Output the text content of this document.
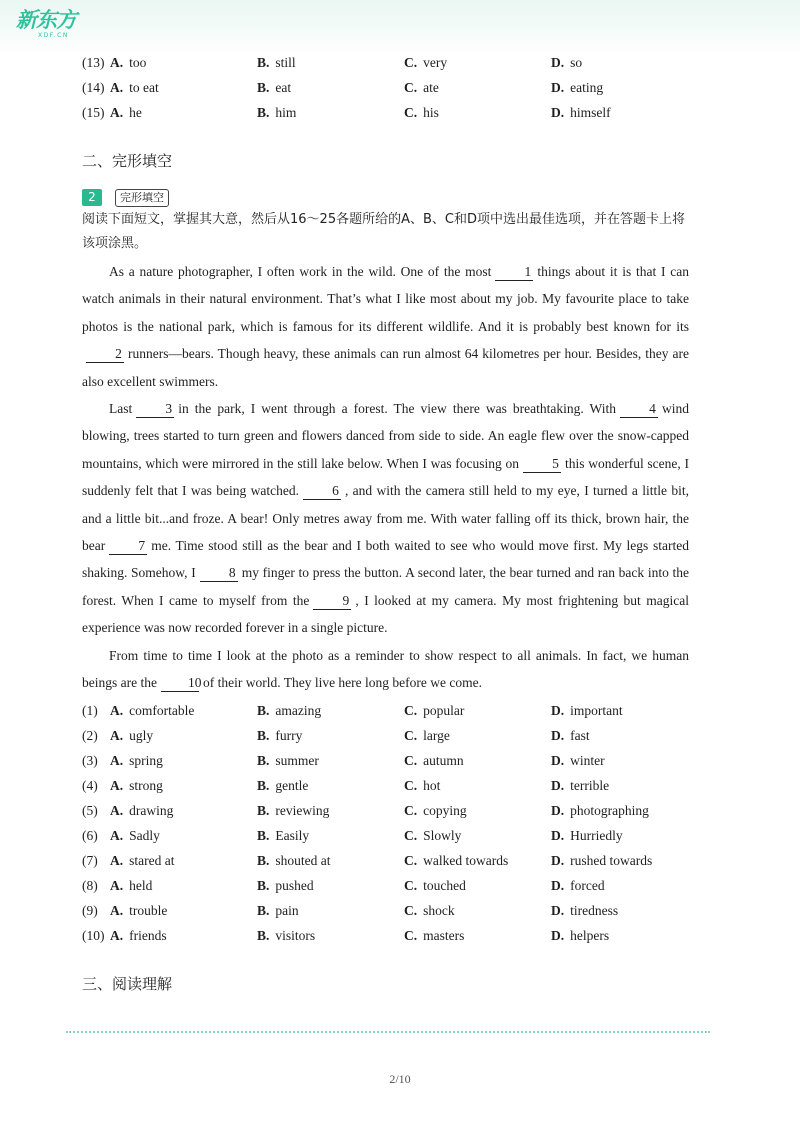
新东方
XDF.CN
(13) A. too	B. still	C. very	D. so
(14) A. to eat	B. eat	C. ate	D. eating
(15) A. he	B. him	C. his	D. himself
二、完形填空
2	完形填空
阅读下面短文，掌握其大意，然后从16～25各题所给的A、B、C和D项中选出最佳选项，并在答题卡上将该项涂黑。

As a nature photographer, I often work in the wild. One of the most 1 things about it is that I can watch animals in their natural environment. That’s what I like most about my job. My favourite place to take photos is the national park, which is famous for its different wildlife. And it is probably best known for its2 runners—bears. Though heavy, these animals can run almost 64 kilometres per hour. Besides, they are also excellent swimmers.

Last 3 in the park, I went through a forest. The view there was breathtaking. With 4 wind blowing, trees started to turn green and flowers danced from side to side. An eagle flew over the snow-capped mountains, which were mirrored in the still lake below. When I was focusing on 5 this wonderful scene, I suddenly felt that I was being watched. 6 , and with the camera still held to my eye, I turned a little bit, and a little bit...and froze. A bear! Only metres away from me. With water falling off its thick, brown hair, the bear 7 me. Time stood still as the bear and I both waited to see who would move first. My legs started shaking. Somehow, I 8 my finger to press the button. A second later, the bear turned and ran back into the forest. When I came to myself from the 9 , I looked at my camera. My most frightening but magical experience was now recorded forever in a single picture.

From time to time I look at the photo as a reminder to show respect to all animals. In fact, we human beings are the 10 of their world. They live here long before we come.

(1) A. comfortable	B. amazing	C. popular	D. important
(2) A. ugly	B. furry	C. large	D. fast
(3) A. spring	B. summer	C. autumn	D. winter
(4) A. strong	B. gentle	C. hot	D. terrible
(5) A. drawing	B. reviewing	C. copying	D. photographing
(6) A. Sadly	B. Easily	C. Slowly	D. Hurriedly
(7) A. stared at	B. shouted at	C. walked towards	D. rushed towards
(8) A. held	B. pushed	C. touched	D. forced
(9) A. trouble	B. pain	C. shock	D. tiredness
(10) A. friends	B. visitors	C. masters	D. helpers
三、阅读理解
2/10
